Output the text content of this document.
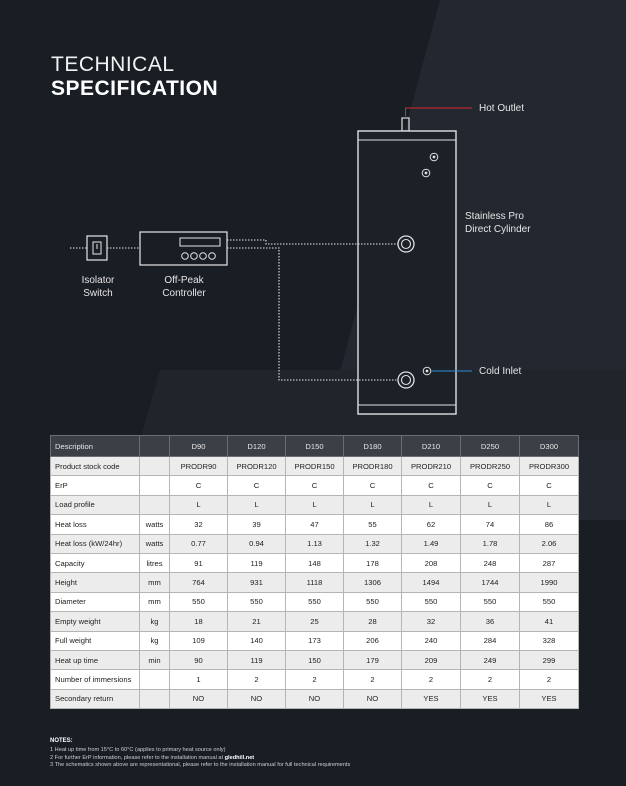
TECHNICAL
SPECIFICATION
Hot Outlet
Stainless Pro
Direct Cylinder
Cold Inlet
Isolator
Switch
Off-Peak
Controller
Description		D90	D120	D150	D180	D210	D250	D300
Product stock code		PRODR90	PRODR120	PRODR150	PRODR180	PRODR210	PRODR250	PRODR300
ErP		C	C	C	C	C	C	C
Load profile		L	L	L	L	L	L	L
Heat loss	watts	32	39	47	55	62	74	86
Heat loss (kW/24hr)	watts	0.77	0.94	1.13	1.32	1.49	1.78	2.06
Capacity	litres	91	119	148	178	208	248	287
Height	mm	764	931	1118	1306	1494	1744	1990
Diameter	mm	550	550	550	550	550	550	550
Empty weight	kg	18	21	25	28	32	36	41
Full weight	kg	109	140	173	206	240	284	328
Heat up time	min	90	119	150	179	209	249	299
Number of immersions		1	2	2	2	2	2	2
Secondary return		NO	NO	NO	NO	YES	YES	YES
NOTES:
1 Heat up time from 15°C to 60°C (applies to primary heat source only)
2 For further ErP information, please refer to the installation manual at gledhill.net
3 The schematics shown above are representational, please refer to the installation manual for full technical requirements
